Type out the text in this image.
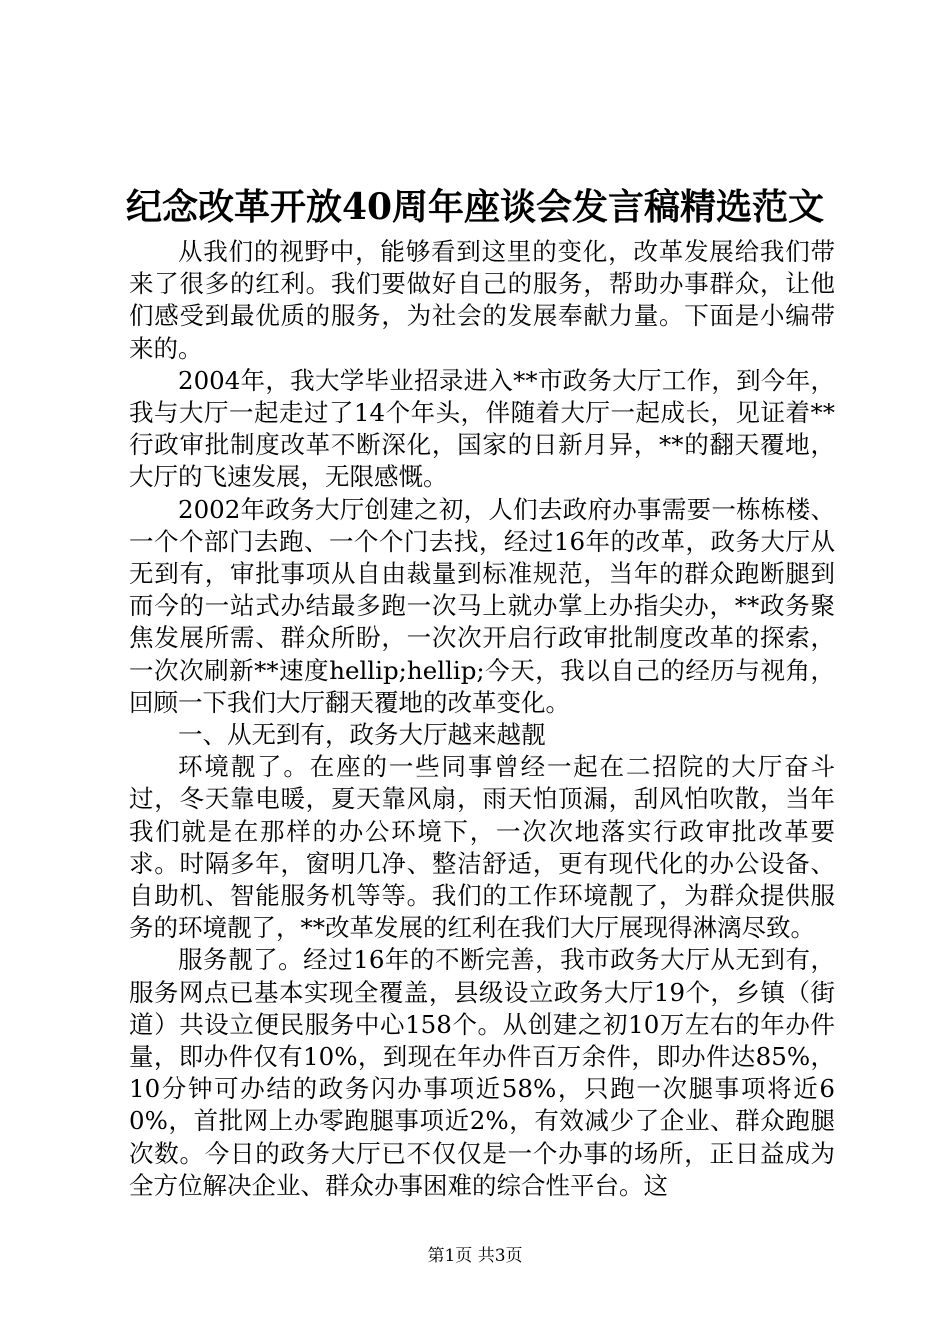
纪念改革开放40周年座谈会发言稿精选范文

从我们的视野中，能够看到这里的变化，改革发展给我们带来了很多的红利。我们要做好自己的服务，帮助办事群众，让他们感受到最优质的服务，为社会的发展奉献力量。下面是小编带来的。

2004年，我大学毕业招录进入**市政务大厅工作，到今年，我与大厅一起走过了14个年头，伴随着大厅一起成长，见证着**行政审批制度改革不断深化，国家的日新月异，**的翻天覆地，大厅的飞速发展，无限感慨。

2002年政务大厅创建之初，人们去政府办事需要一栋栋楼、一个个部门去跑、一个个门去找，经过16年的改革，政务大厅从无到有，审批事项从自由裁量到标准规范，当年的群众跑断腿到而今的一站式办结最多跑一次马上就办掌上办指尖办，**政务聚焦发展所需、群众所盼，一次次开启行政审批制度改革的探索，一次次刷新**速度hellip;hellip;今天，我以自己的经历与视角，回顾一下我们大厅翻天覆地的改革变化。

一、从无到有，政务大厅越来越靓

环境靓了。在座的一些同事曾经一起在二招院的大厅奋斗过，冬天靠电暖，夏天靠风扇，雨天怕顶漏，刮风怕吹散，当年我们就是在那样的办公环境下，一次次地落实行政审批改革要求。时隔多年，窗明几净、整洁舒适，更有现代化的办公设备、自助机、智能服务机等等。我们的工作环境靓了，为群众提供服务的环境靓了，**改革发展的红利在我们大厅展现得淋漓尽致。

服务靓了。经过16年的不断完善，我市政务大厅从无到有，服务网点已基本实现全覆盖，县级设立政务大厅19个，乡镇（街道）共设立便民服务中心158个。从创建之初10万左右的年办件量，即办件仅有10%，到现在年办件百万余件，即办件达85%，10分钟可办结的政务闪办事项近58%，只跑一次腿事项将近60%，首批网上办零跑腿事项近2%，有效减少了企业、群众跑腿次数。今日的政务大厅已不仅仅是一个办事的场所，正日益成为全方位解决企业、群众办事困难的综合性平台。这

第1页 共3页
